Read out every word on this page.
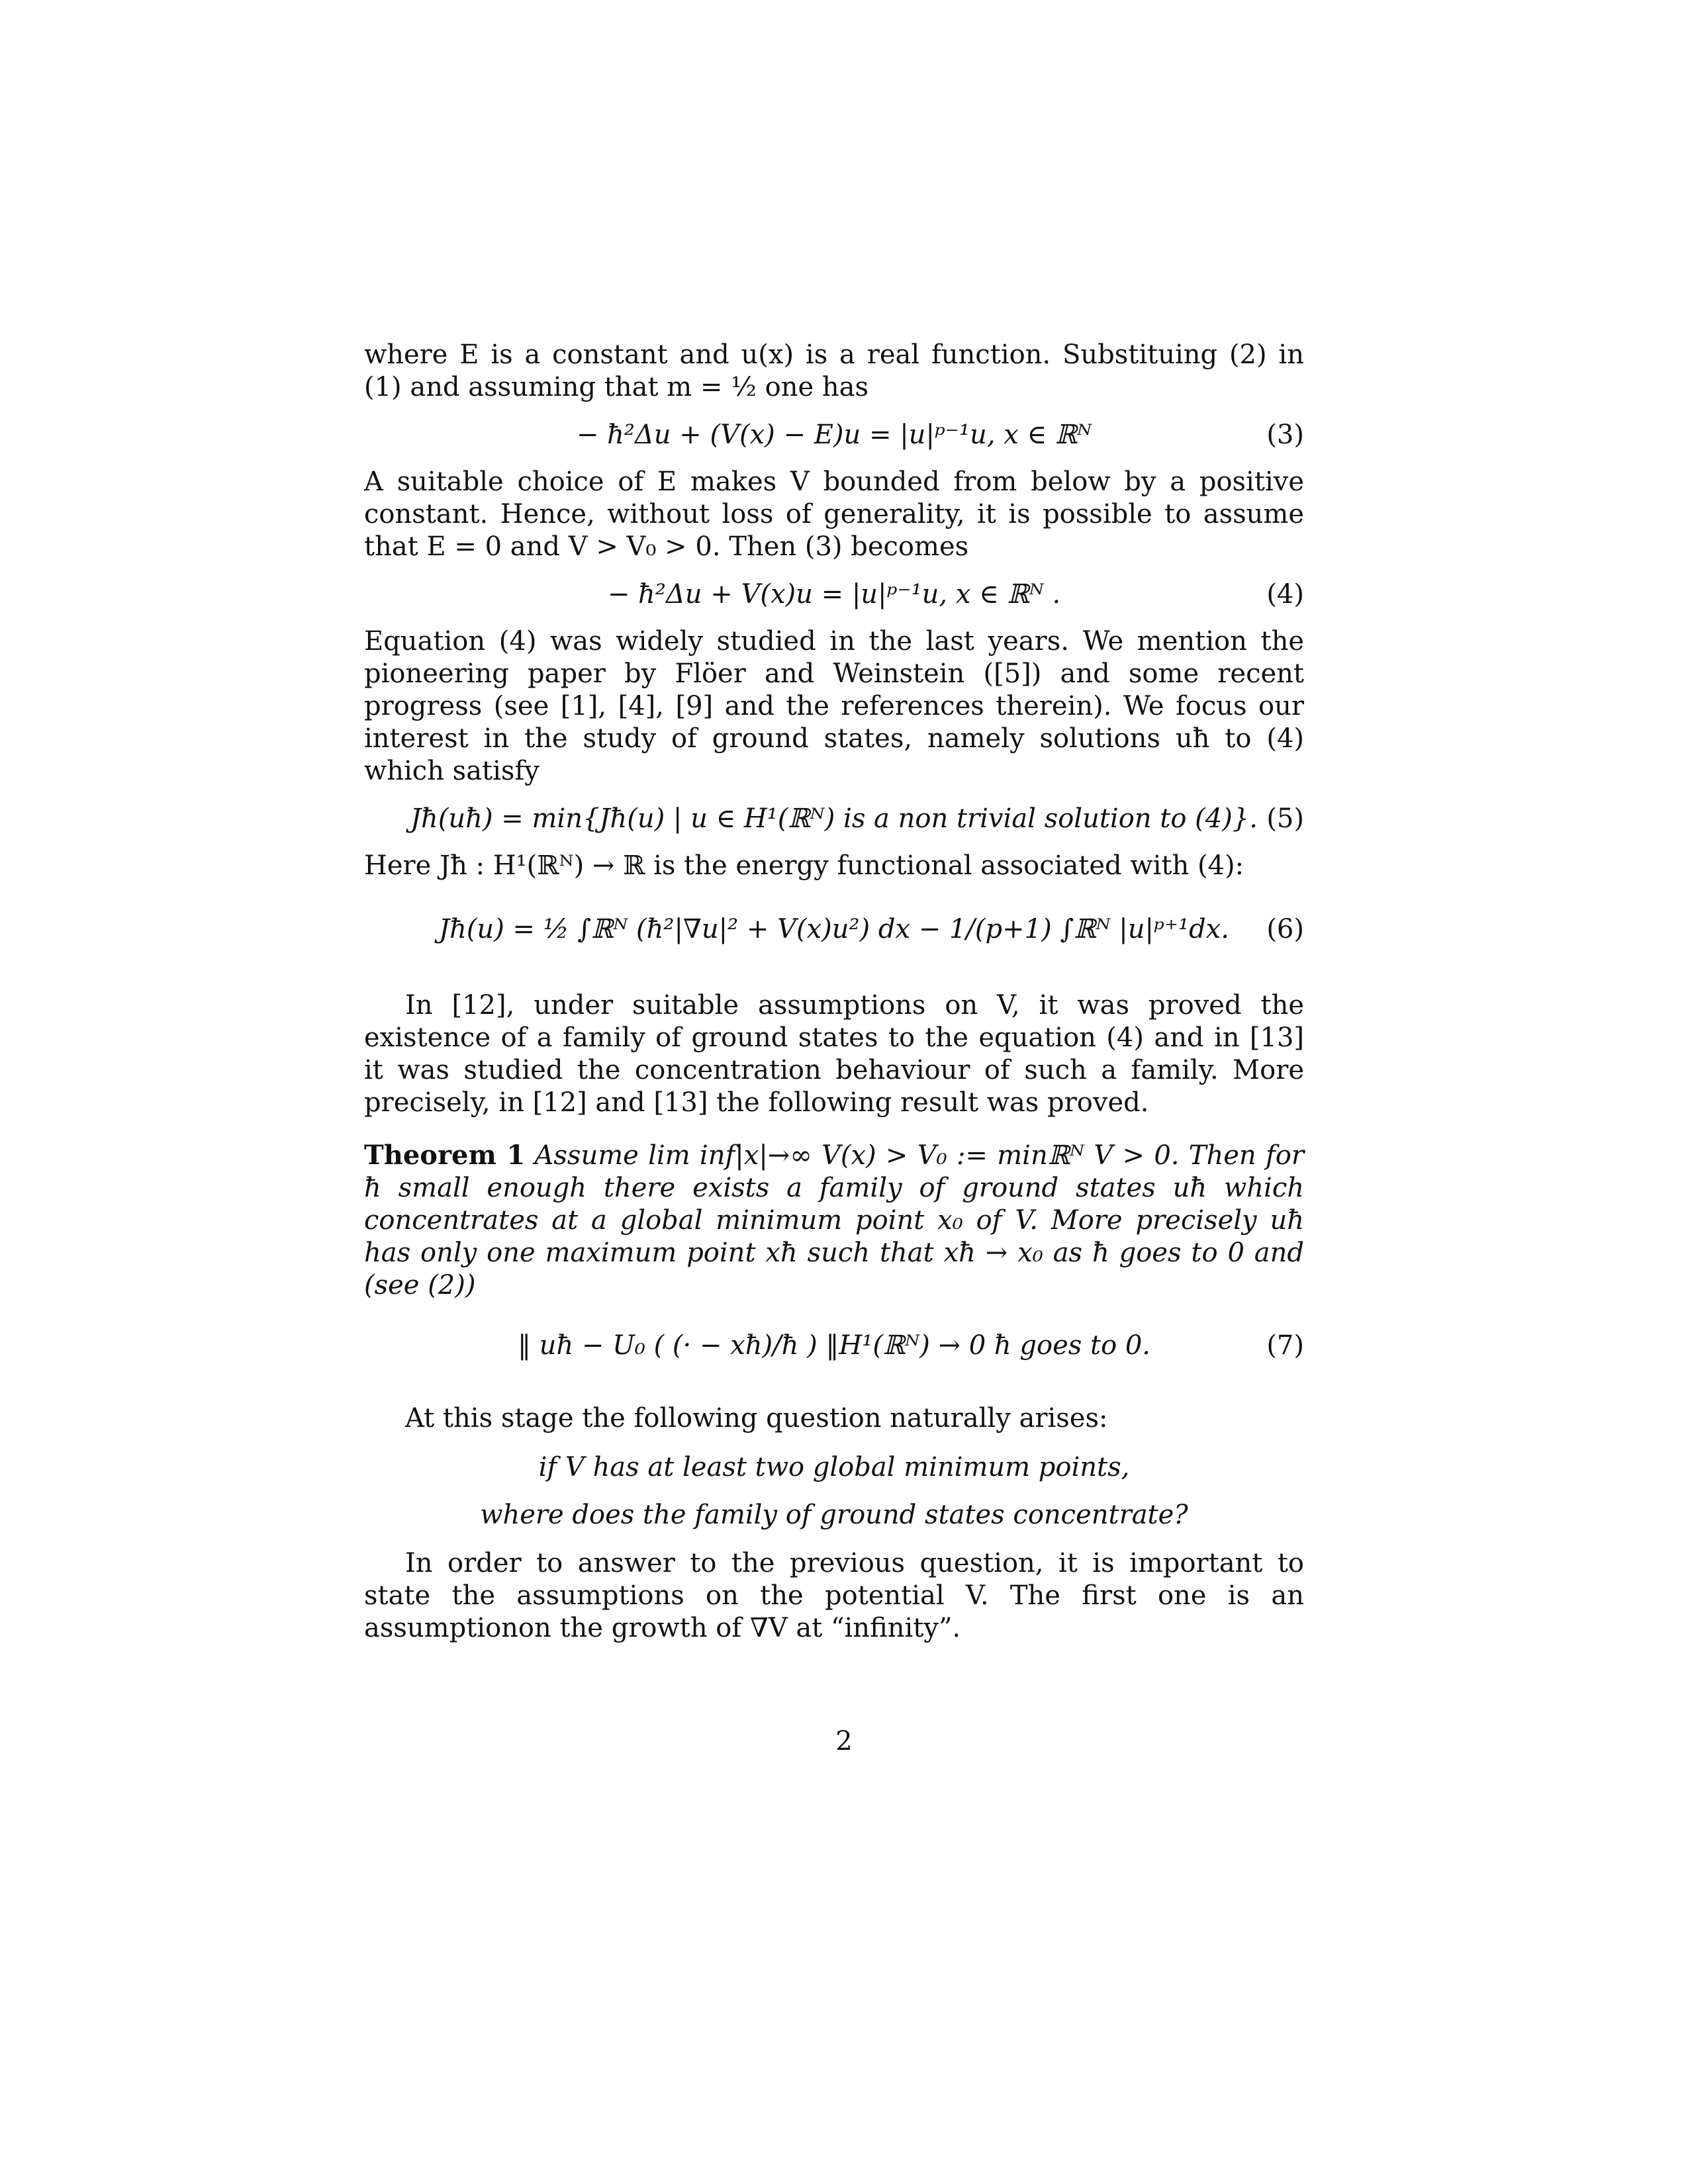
where E is a constant and u(x) is a real function. Substituing (2) in (1) and assuming that m = ½ one has

− ħ²Δu + (V(x) − E)u = |u|ᵖ⁻¹u, x ∈ ℝᴺ	(3)

A suitable choice of E makes V bounded from below by a positive constant. Hence, without loss of generality, it is possible to assume that E = 0 and V > V₀ > 0. Then (3) becomes

− ħ²Δu + V(x)u = |u|ᵖ⁻¹u, x ∈ ℝᴺ .	(4)

Equation (4) was widely studied in the last years. We mention the pioneering paper by Flöer and Weinstein ([5]) and some recent progress (see [1], [4], [9] and the references therein). We focus our interest in the study of ground states, namely solutions uħ to (4) which satisfy

Jħ(uħ) = min{Jħ(u) | u ∈ H¹(ℝᴺ) is a non trivial solution to (4)}. (5)

Here Jħ : H¹(ℝᴺ) → ℝ is the energy functional associated with (4):

Jħ(u) = ½ ∫ℝᴺ (ħ²|∇u|² + V(x)u²) dx − 1/(p+1) ∫ℝᴺ |u|ᵖ⁺¹dx.	(6)

In [12], under suitable assumptions on V, it was proved the existence of a family of ground states to the equation (4) and in [13] it was studied the concentration behaviour of such a family. More precisely, in [12] and [13] the following result was proved.

Theorem 1 Assume lim inf|x|→∞ V(x) > V₀ := minℝᴺ V > 0. Then for ħ small enough there exists a family of ground states uħ which concentrates at a global minimum point x₀ of V. More precisely uħ has only one maximum point xħ such that xħ → x₀ as ħ goes to 0 and (see (2))
‖ uħ − U₀ ( (· − xħ)/ħ ) ‖H¹(ℝᴺ) → 0 ħ goes to 0.	(7)

At this stage the following question naturally arises:

if V has at least two global minimum points,
where does the family of ground states concentrate?

In order to answer to the previous question, it is important to state the assumptions on the potential V. The first one is an assumptionon the growth of ∇V at “infinity”.

2
